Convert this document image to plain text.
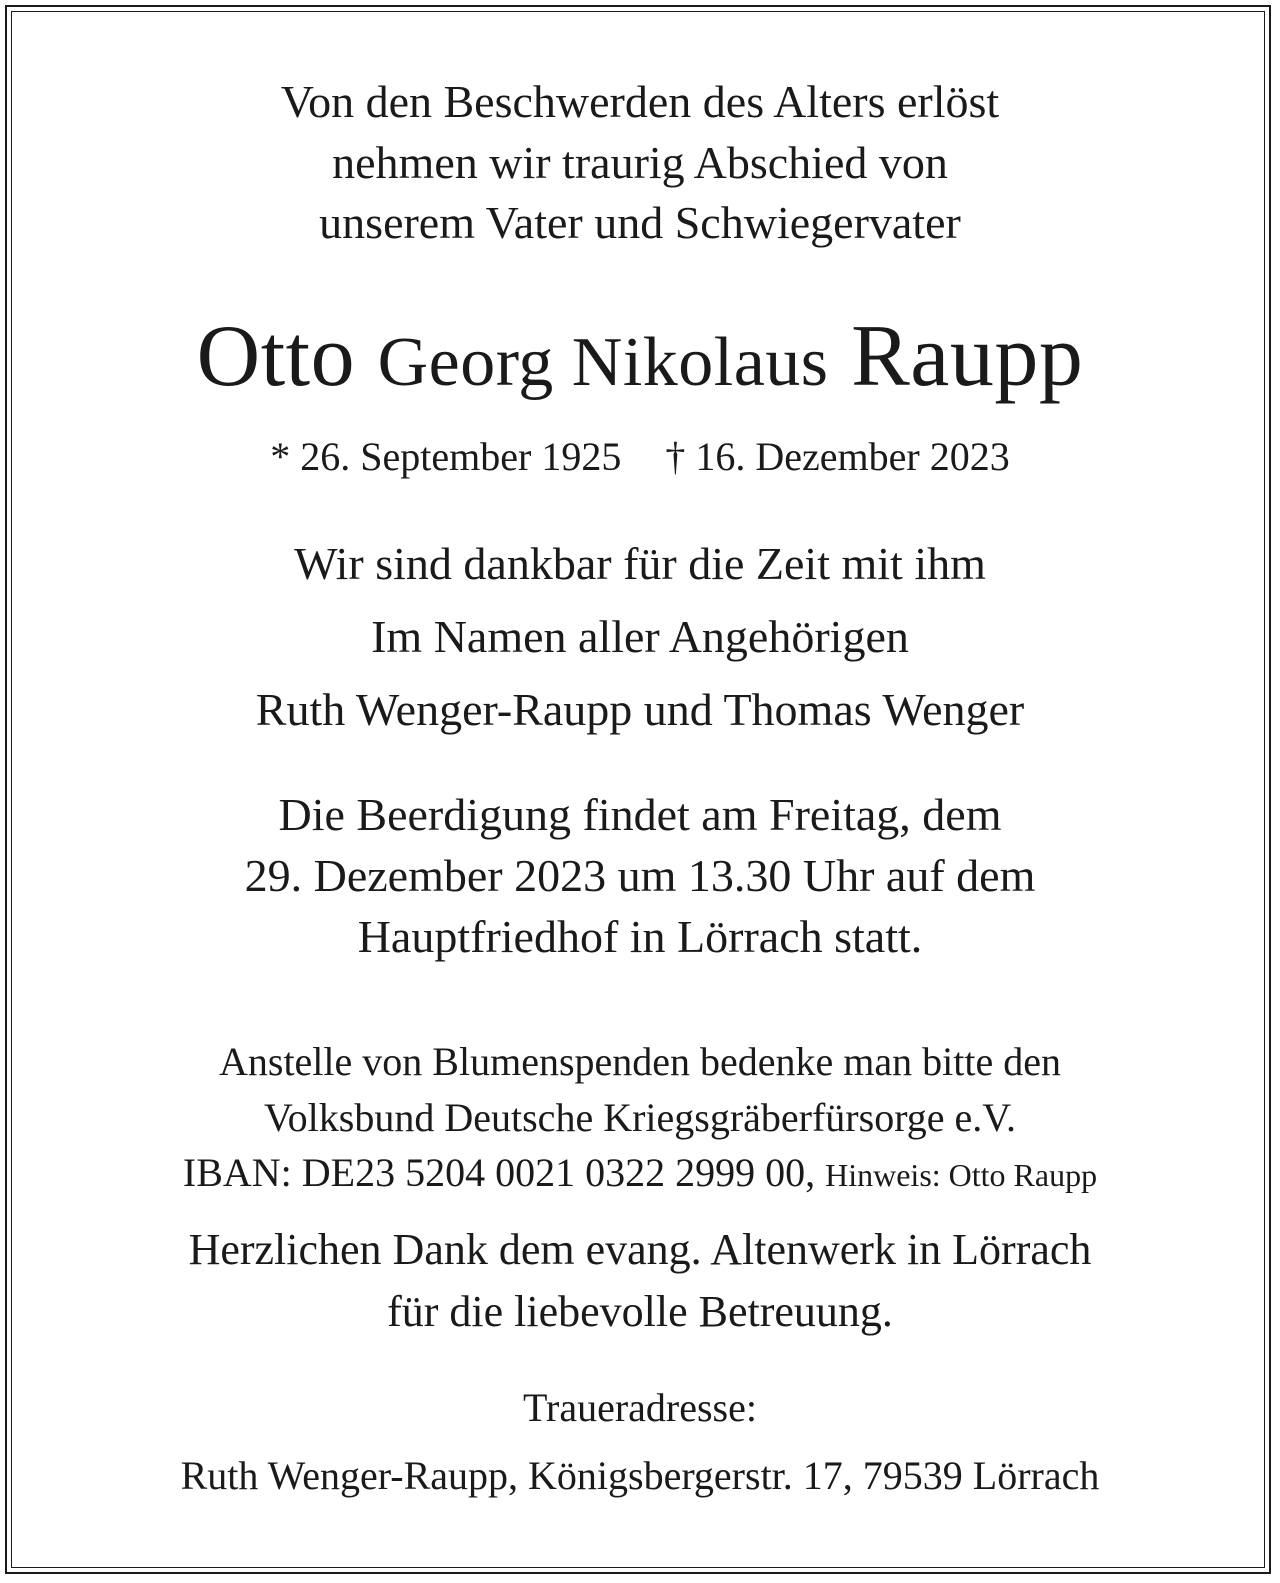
Von den Beschwerden des Alters erlöst
nehmen wir traurig Abschied von
unserem Vater und Schwiegervater
Otto Georg Nikolaus Raupp
* 26. September 1925 † 16. Dezember 2023
Wir sind dankbar für die Zeit mit ihm
Im Namen aller Angehörigen
Ruth Wenger-Raupp und Thomas Wenger
Die Beerdigung findet am Freitag, dem
29. Dezember 2023 um 13.30 Uhr auf dem
Hauptfriedhof in Lörrach statt.
Anstelle von Blumenspenden bedenke man bitte den
Volksbund Deutsche Kriegsgräberfürsorge e.V.
IBAN: DE23 5204 0021 0322 2999 00, Hinweis: Otto Raupp
Herzlichen Dank dem evang. Altenwerk in Lörrach
für die liebevolle Betreuung.
Traueradresse:
Ruth Wenger-Raupp, Königsbergerstr. 17, 79539 Lörrach
